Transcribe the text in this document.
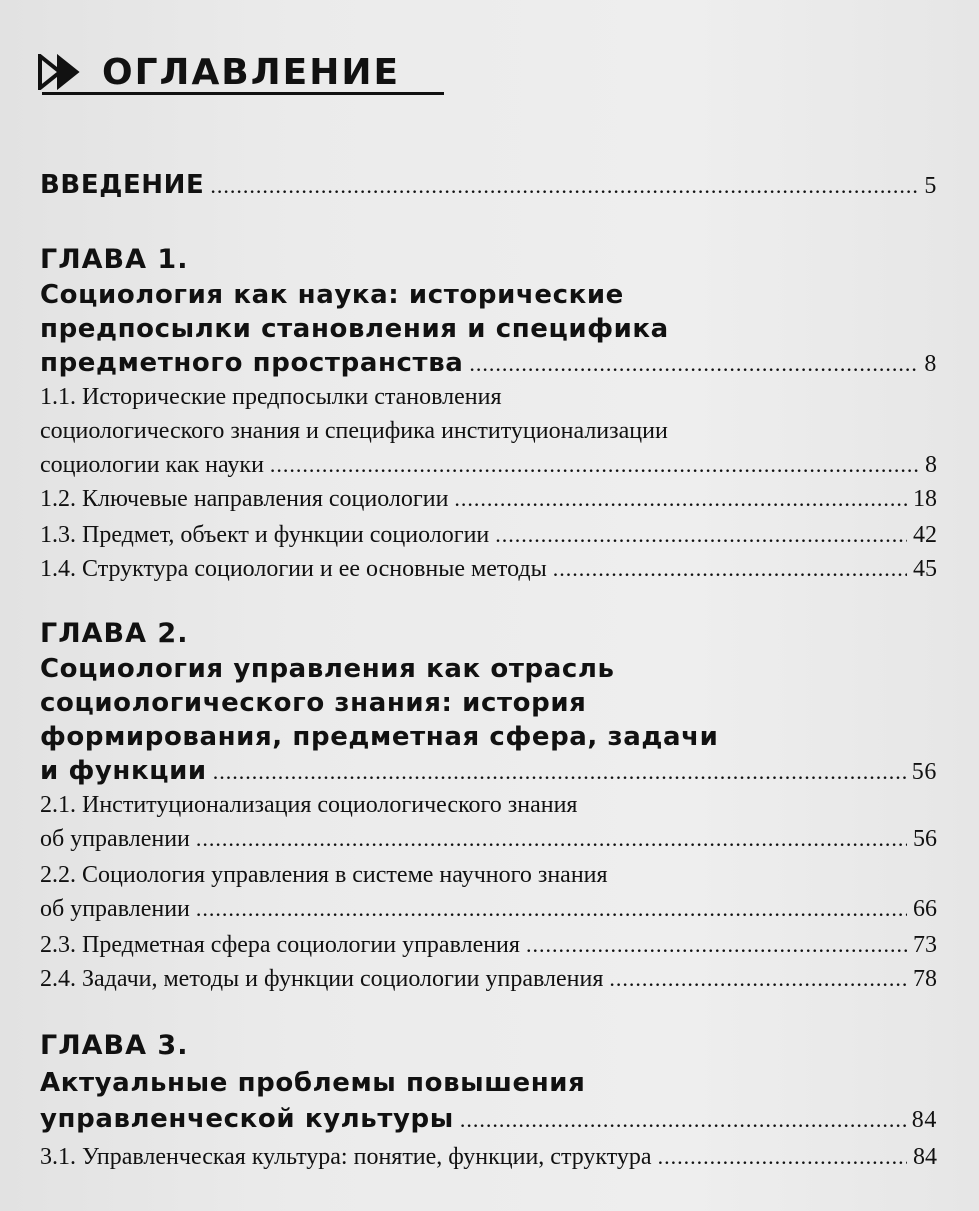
ОГЛАВЛЕНИЕ
ВВЕДЕНИЕ .....	5
ГЛАВА 1.
Социология как наука: исторические
предпосылки становления и специфика
предметного пространства .....	8
1.1. Исторические предпосылки становления
социологического знания и специфика институционализации
социологии как науки .....	8
1.2. Ключевые направления социологии .....	18
1.3. Предмет, объект и функции социологии .....	42
1.4. Структура социологии и ее основные методы .....	45
ГЛАВА 2.
Социология управления как отрасль
социологического знания: история
формирования, предметная сфера, задачи
и функции .....	56
2.1. Институционализация социологического знания
об управлении .....	56
2.2. Социология управления в системе научного знания
об управлении .....	66
2.3. Предметная сфера социологии управления .....	73
2.4. Задачи, методы и функции социологии управления .....	78
ГЛАВА 3.
Актуальные проблемы повышения
управленческой культуры .....	84
3.1. Управленческая культура: понятие, функции, структура .....	84
